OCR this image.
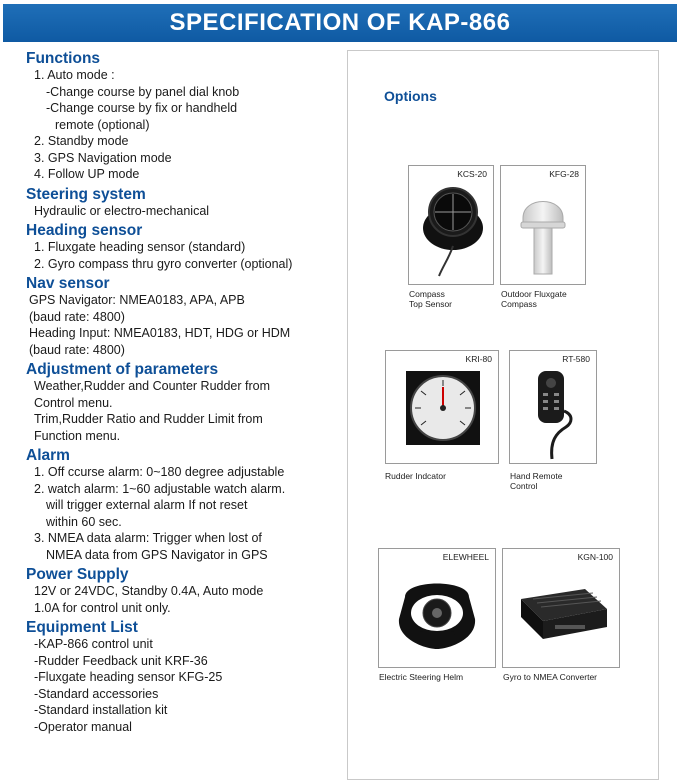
SPECIFICATION OF KAP-866
Functions
1. Auto mode :
-Change course by panel dial knob
-Change course by fix or handheld
remote (optional)
2. Standby mode
3. GPS Navigation mode
4. Follow UP mode
Steering system
Hydraulic or electro-mechanical
Heading sensor
1. Fluxgate heading sensor (standard)
2. Gyro compass thru gyro converter (optional)
Nav sensor
GPS Navigator: NMEA0183, APA, APB
(baud rate: 4800)
Heading Input: NMEA0183, HDT, HDG or HDM
(baud rate: 4800)
Adjustment of parameters
Weather,Rudder and Counter Rudder from
Control menu.
Trim,Rudder Ratio and Rudder Limit from
Function menu.
Alarm
1. Off ccurse alarm: 0~180 degree adjustable
2. watch alarm: 1~60 adjustable watch alarm.
will trigger external alarm If not reset
within 60 sec.
3. NMEA data alarm: Trigger when lost of
NMEA data from GPS Navigator in GPS
Power Supply
12V or 24VDC, Standby 0.4A, Auto mode
1.0A for control unit only.
Equipment List
-KAP-866 control unit
-Rudder Feedback unit KRF-36
-Fluxgate heading sensor KFG-25
-Standard accessories
-Standard installation kit
-Operator manual
Options
KCS-20
Compass
Top Sensor
KFG-28
Outdoor Fluxgate
Compass
KRI-80
Rudder Indcator
RT-580
Hand Remote
Control
ELEWHEEL
Electric Steering Helm
KGN-100
Gyro to NMEA Converter
